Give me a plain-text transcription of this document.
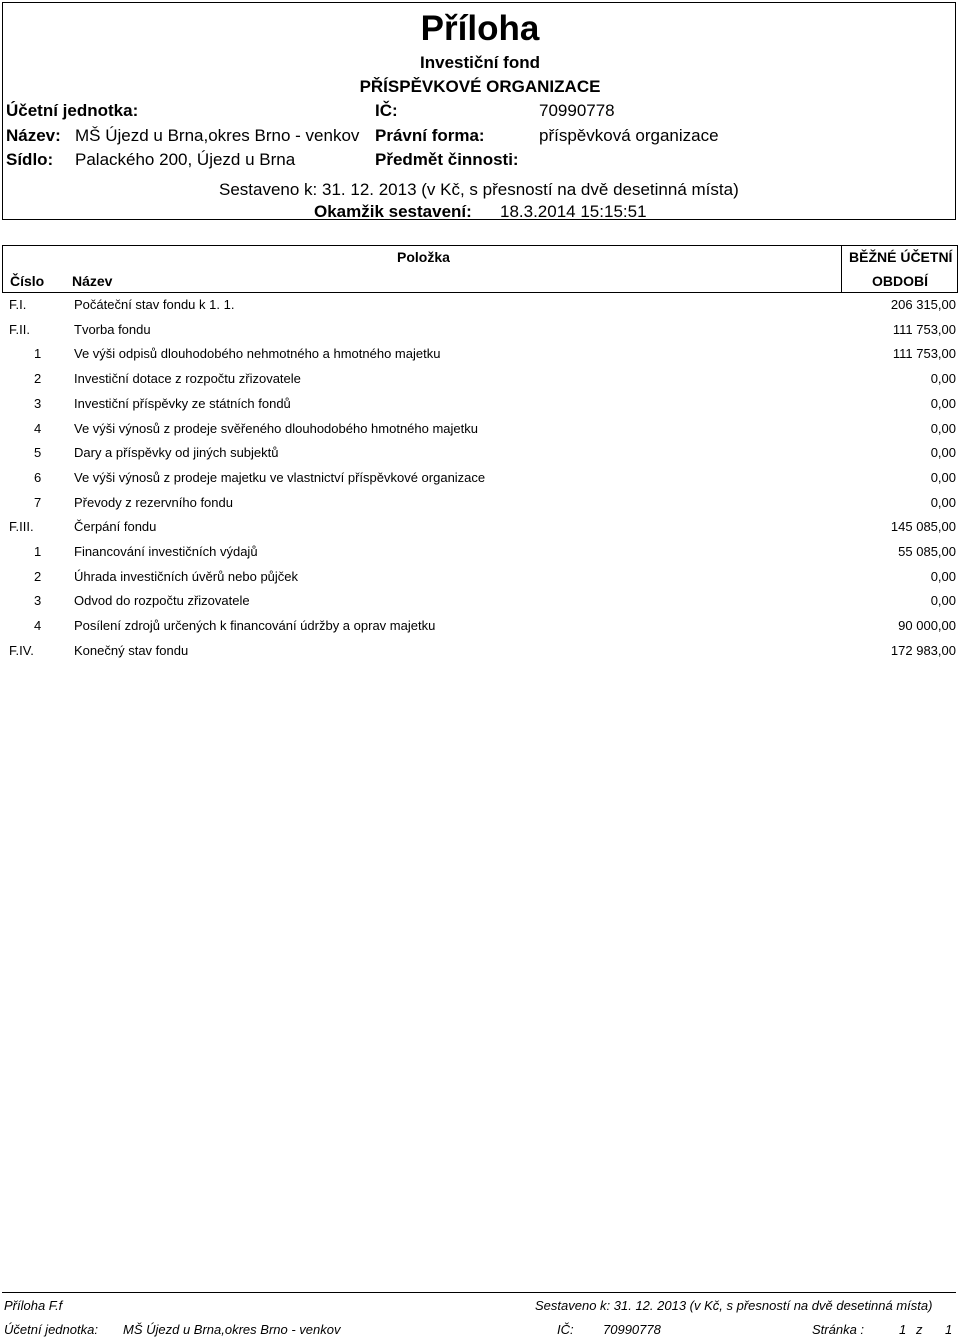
Příloha
Investiční fond
PŘÍSPĚVKOVÉ ORGANIZACE
Účetní jednotka:	IČ:	70990778
Název: MŠ Újezd u Brna,okres Brno - venkov Právní forma:	příspěvková organizace
Sídlo: Palackého 200, Újezd u Brna	Předmět činnosti:
Sestaveno k: 31. 12. 2013 (v Kč, s přesností na dvě desetinná místa)
Okamžik sestavení: 18.3.2014 15:15:51
Položka
Číslo Název
BĚŽNÉ ÚČETNÍ
OBDOBÍ
F.I.	Počáteční stav fondu k 1. 1.	206 315,00
F.II.	Tvorba fondu	111 753,00
1	Ve výši odpisů dlouhodobého nehmotného a hmotného majetku	111 753,00
2	Investiční dotace z rozpočtu zřizovatele	0,00
3	Investiční příspěvky ze státních fondů	0,00
4	Ve výši výnosů z prodeje svěřeného dlouhodobého hmotného majetku	0,00
5	Dary a příspěvky od jiných subjektů	0,00
6	Ve výši výnosů z prodeje majetku ve vlastnictví příspěvkové organizace	0,00
7	Převody z rezervního fondu	0,00
F.III.	Čerpání fondu	145 085,00
1	Financování investičních výdajů	55 085,00
2	Úhrada investičních úvěrů nebo půjček	0,00
3	Odvod do rozpočtu zřizovatele	0,00
4	Posílení zdrojů určených k financování údržby a oprav majetku	90 000,00
F.IV.	Konečný stav fondu	172 983,00
Příloha F.f	Sestaveno k: 31. 12. 2013 (v Kč, s přesností na dvě desetinná místa)
Účetní jednotka: MŠ Újezd u Brna,okres Brno - venkov	IČ: 70990778	Stránka :	1 z 1
